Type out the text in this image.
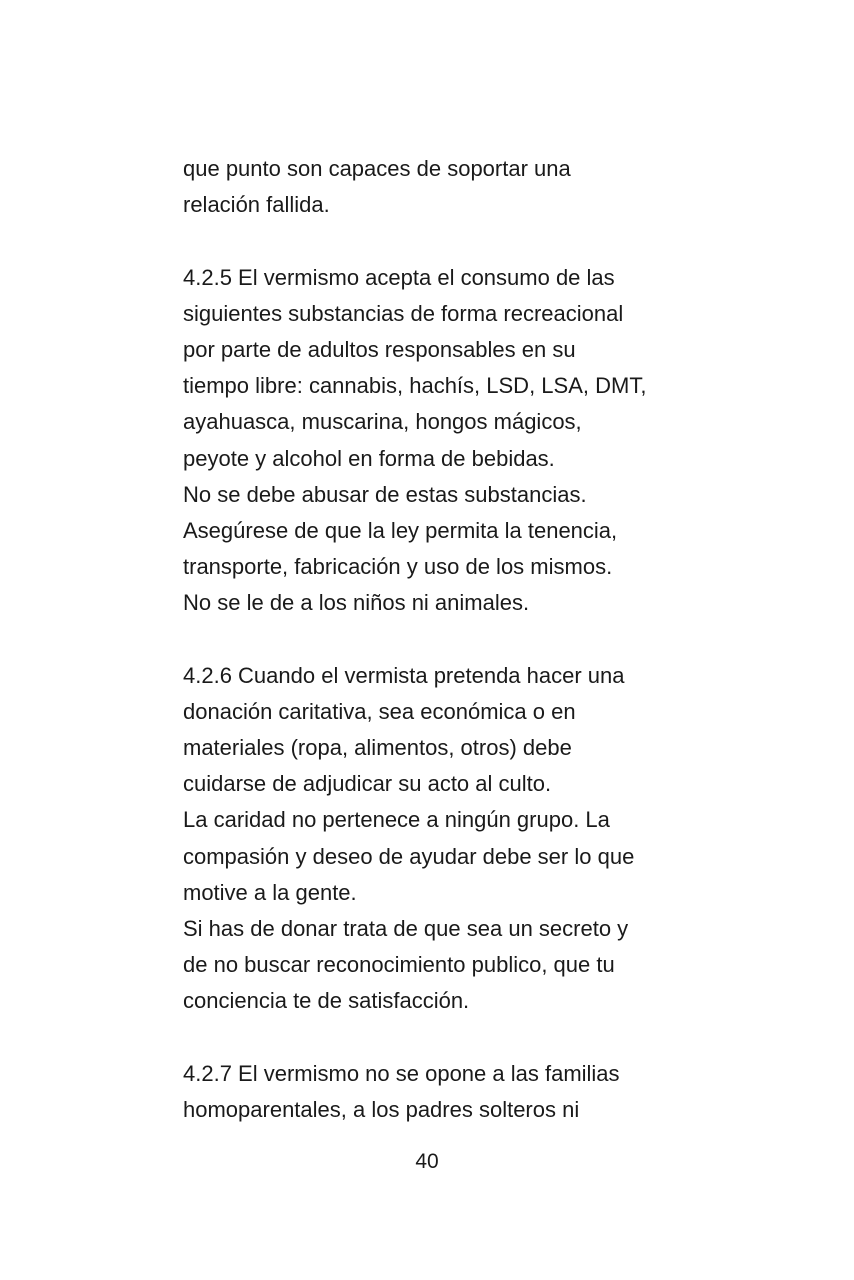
que punto son capaces de soportar una
relación fallida.
4.2.5 El vermismo acepta el consumo de las
siguientes substancias de forma recreacional
por parte de adultos responsables en su
tiempo libre: cannabis, hachís, LSD, LSA, DMT,
ayahuasca, muscarina, hongos mágicos,
peyote y alcohol en forma de bebidas.
No se debe abusar de estas substancias.
Asegúrese de que la ley permita la tenencia,
transporte, fabricación y uso de los mismos.
No se le de a los niños ni animales.
4.2.6 Cuando el vermista pretenda hacer una
donación caritativa, sea económica o en
materiales (ropa, alimentos, otros) debe
cuidarse de adjudicar su acto al culto.
La caridad no pertenece a ningún grupo. La
compasión y deseo de ayudar debe ser lo que
motive a la gente.
Si has de donar trata de que sea un secreto y
de no buscar reconocimiento publico, que tu
conciencia te de satisfacción.
4.2.7 El vermismo no se opone a las familias
homoparentales, a los padres solteros ni
40
